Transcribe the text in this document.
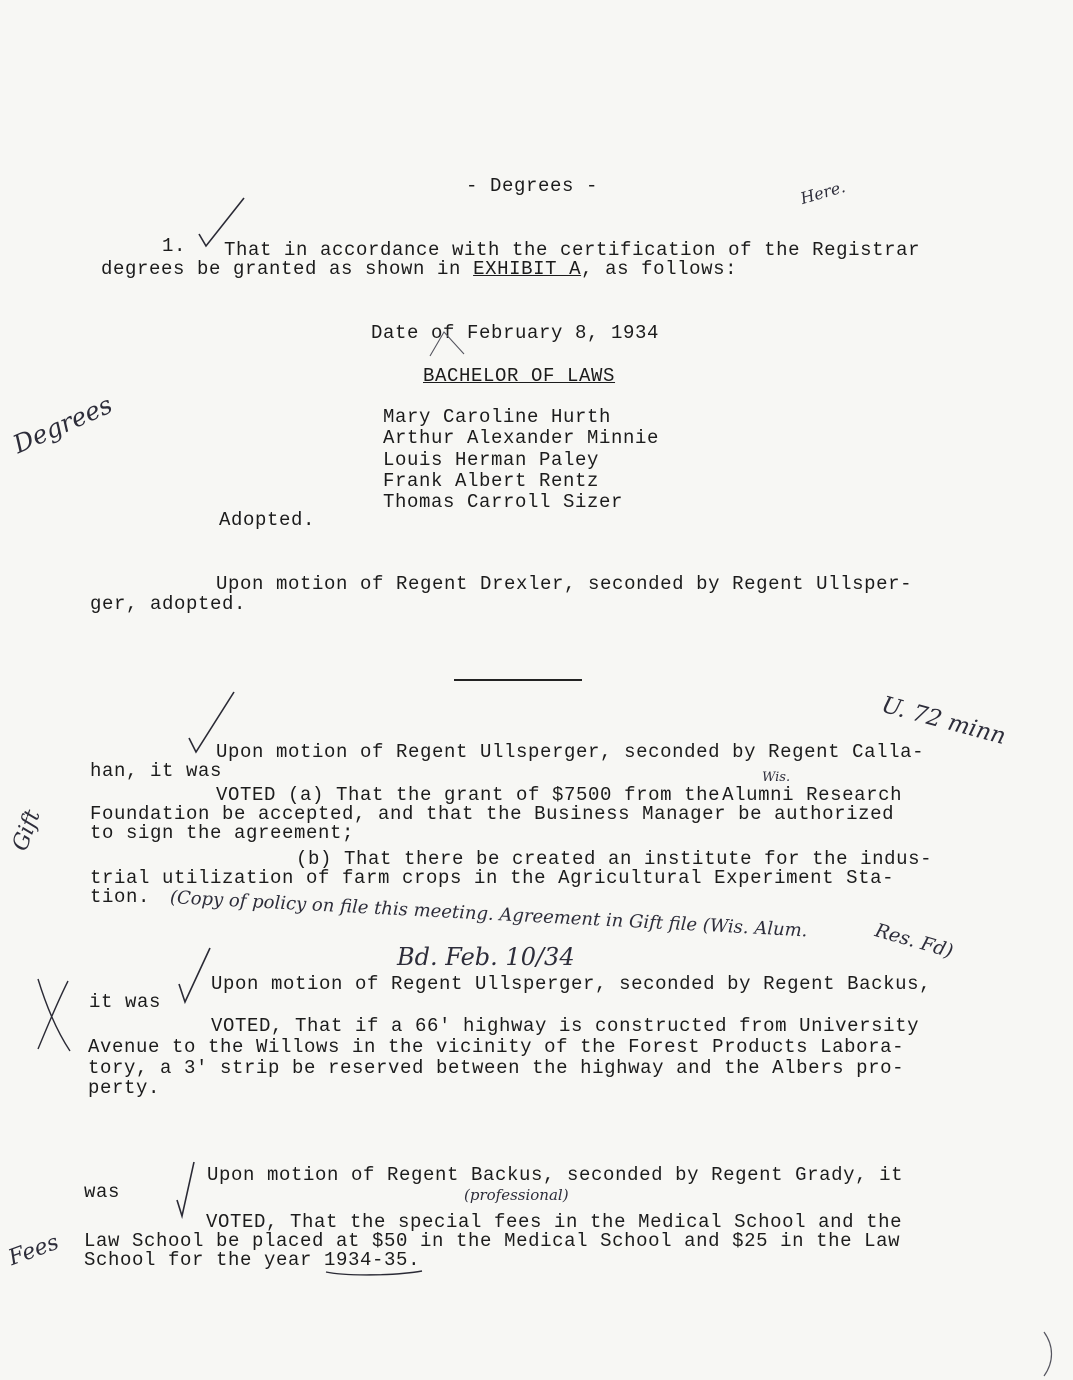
- Degrees -
1. That in accordance with the certification of the Registrar
degrees be granted as shown in EXHIBIT A, as follows:
Date of February 8, 1934
BACHELOR OF LAWS
Mary Caroline Hurth
Arthur Alexander Minnie
Louis Herman Paley
Frank Albert Rentz
Thomas Carroll Sizer
Adopted.
Upon motion of Regent Drexler, seconded by Regent Ullsper-
ger, adopted.
Upon motion of Regent Ullsperger, seconded by Regent Calla-
han, it was
VOTED (a) That the grant of $7500 from the Alumni Research
Foundation be accepted, and that the Business Manager be authorized
to sign the agreement;
(b) That there be created an institute for the indus-
trial utilization of farm crops in the Agricultural Experiment Sta-
tion.
Upon motion of Regent Ullsperger, seconded by Regent Backus,
it was
VOTED, That if a 66' highway is constructed from University
Avenue to the Willows in the vicinity of the Forest Products Labora-
tory, a 3' strip be reserved between the highway and the Albers pro-
perty.
Upon motion of Regent Backus, seconded by Regent Grady, it
was
VOTED, That the special fees in the Medical School and the
Law School be placed at $50 in the Medical School and $25 in the Law
School for the year 1934-35.
Here.
Degrees
Gift
Fees
U. 72 minn
Wis.
(Copy of policy on file this meeting. Agreement in Gift file (Wis. Alum.	Res. Fd)
Bd. Feb. 10/34
(professional)
